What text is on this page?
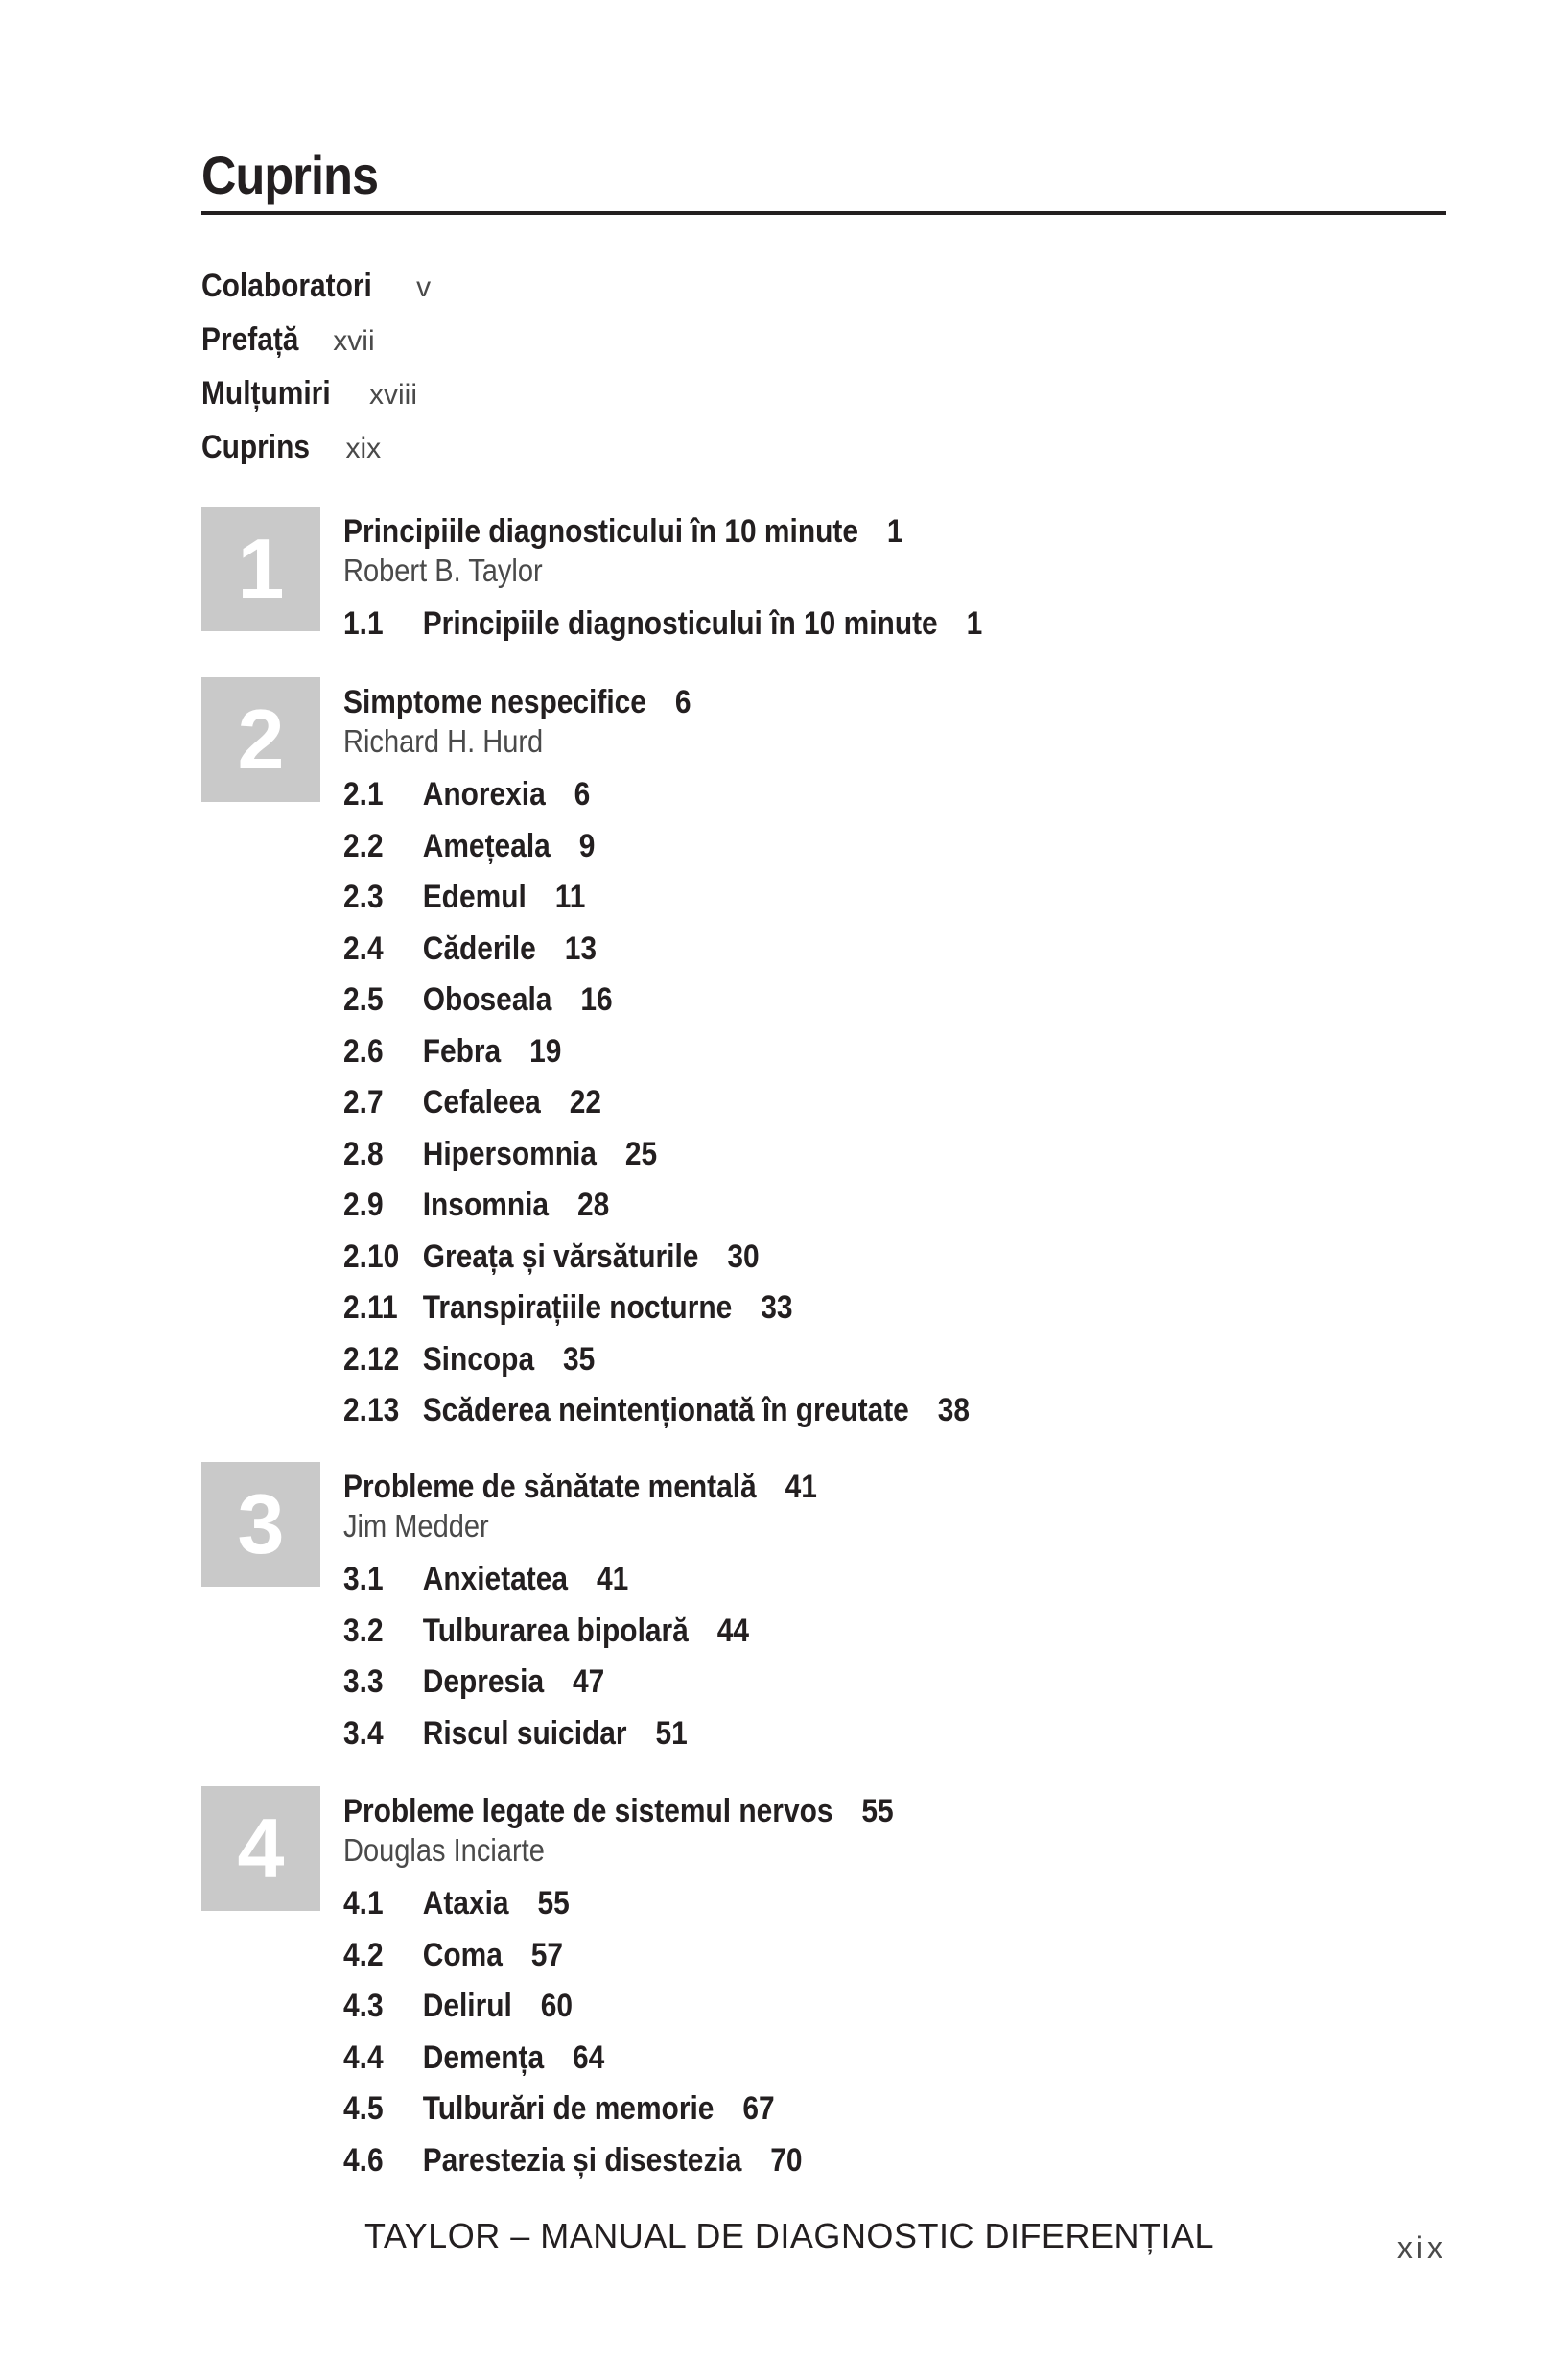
Cuprins
Colaboratori v
Prefață xvii
Mulțumiri xviii
Cuprins xix
1	Principiile diagnosticului în 10 minute 1
Robert B. Taylor
1.1 Principiile diagnosticului în 10 minute 1
2	Simptome nespecifice 6
Richard H. Hurd
2.1 Anorexia 6
2.2 Amețeala 9
2.3 Edemul 11
2.4 Căderile 13
2.5 Oboseala 16
2.6 Febra 19
2.7 Cefaleea 22
2.8 Hipersomnia 25
2.9 Insomnia 28
2.10 Greața și vărsăturile 30
2.11 Transpirațiile nocturne 33
2.12 Sincopa 35
2.13 Scăderea neintenționată în greutate 38
3	Probleme de sănătate mentală 41
Jim Medder
3.1 Anxietatea 41
3.2 Tulburarea bipolară 44
3.3 Depresia 47
3.4 Riscul suicidar 51
4	Probleme legate de sistemul nervos 55
Douglas Inciarte
4.1 Ataxia 55
4.2 Coma 57
4.3 Delirul 60
4.4 Demența 64
4.5 Tulburări de memorie 67
4.6 Parestezia și disestezia 70
TAYLOR – MANUAL DE DIAGNOSTIC DIFERENȚIAL	xix
